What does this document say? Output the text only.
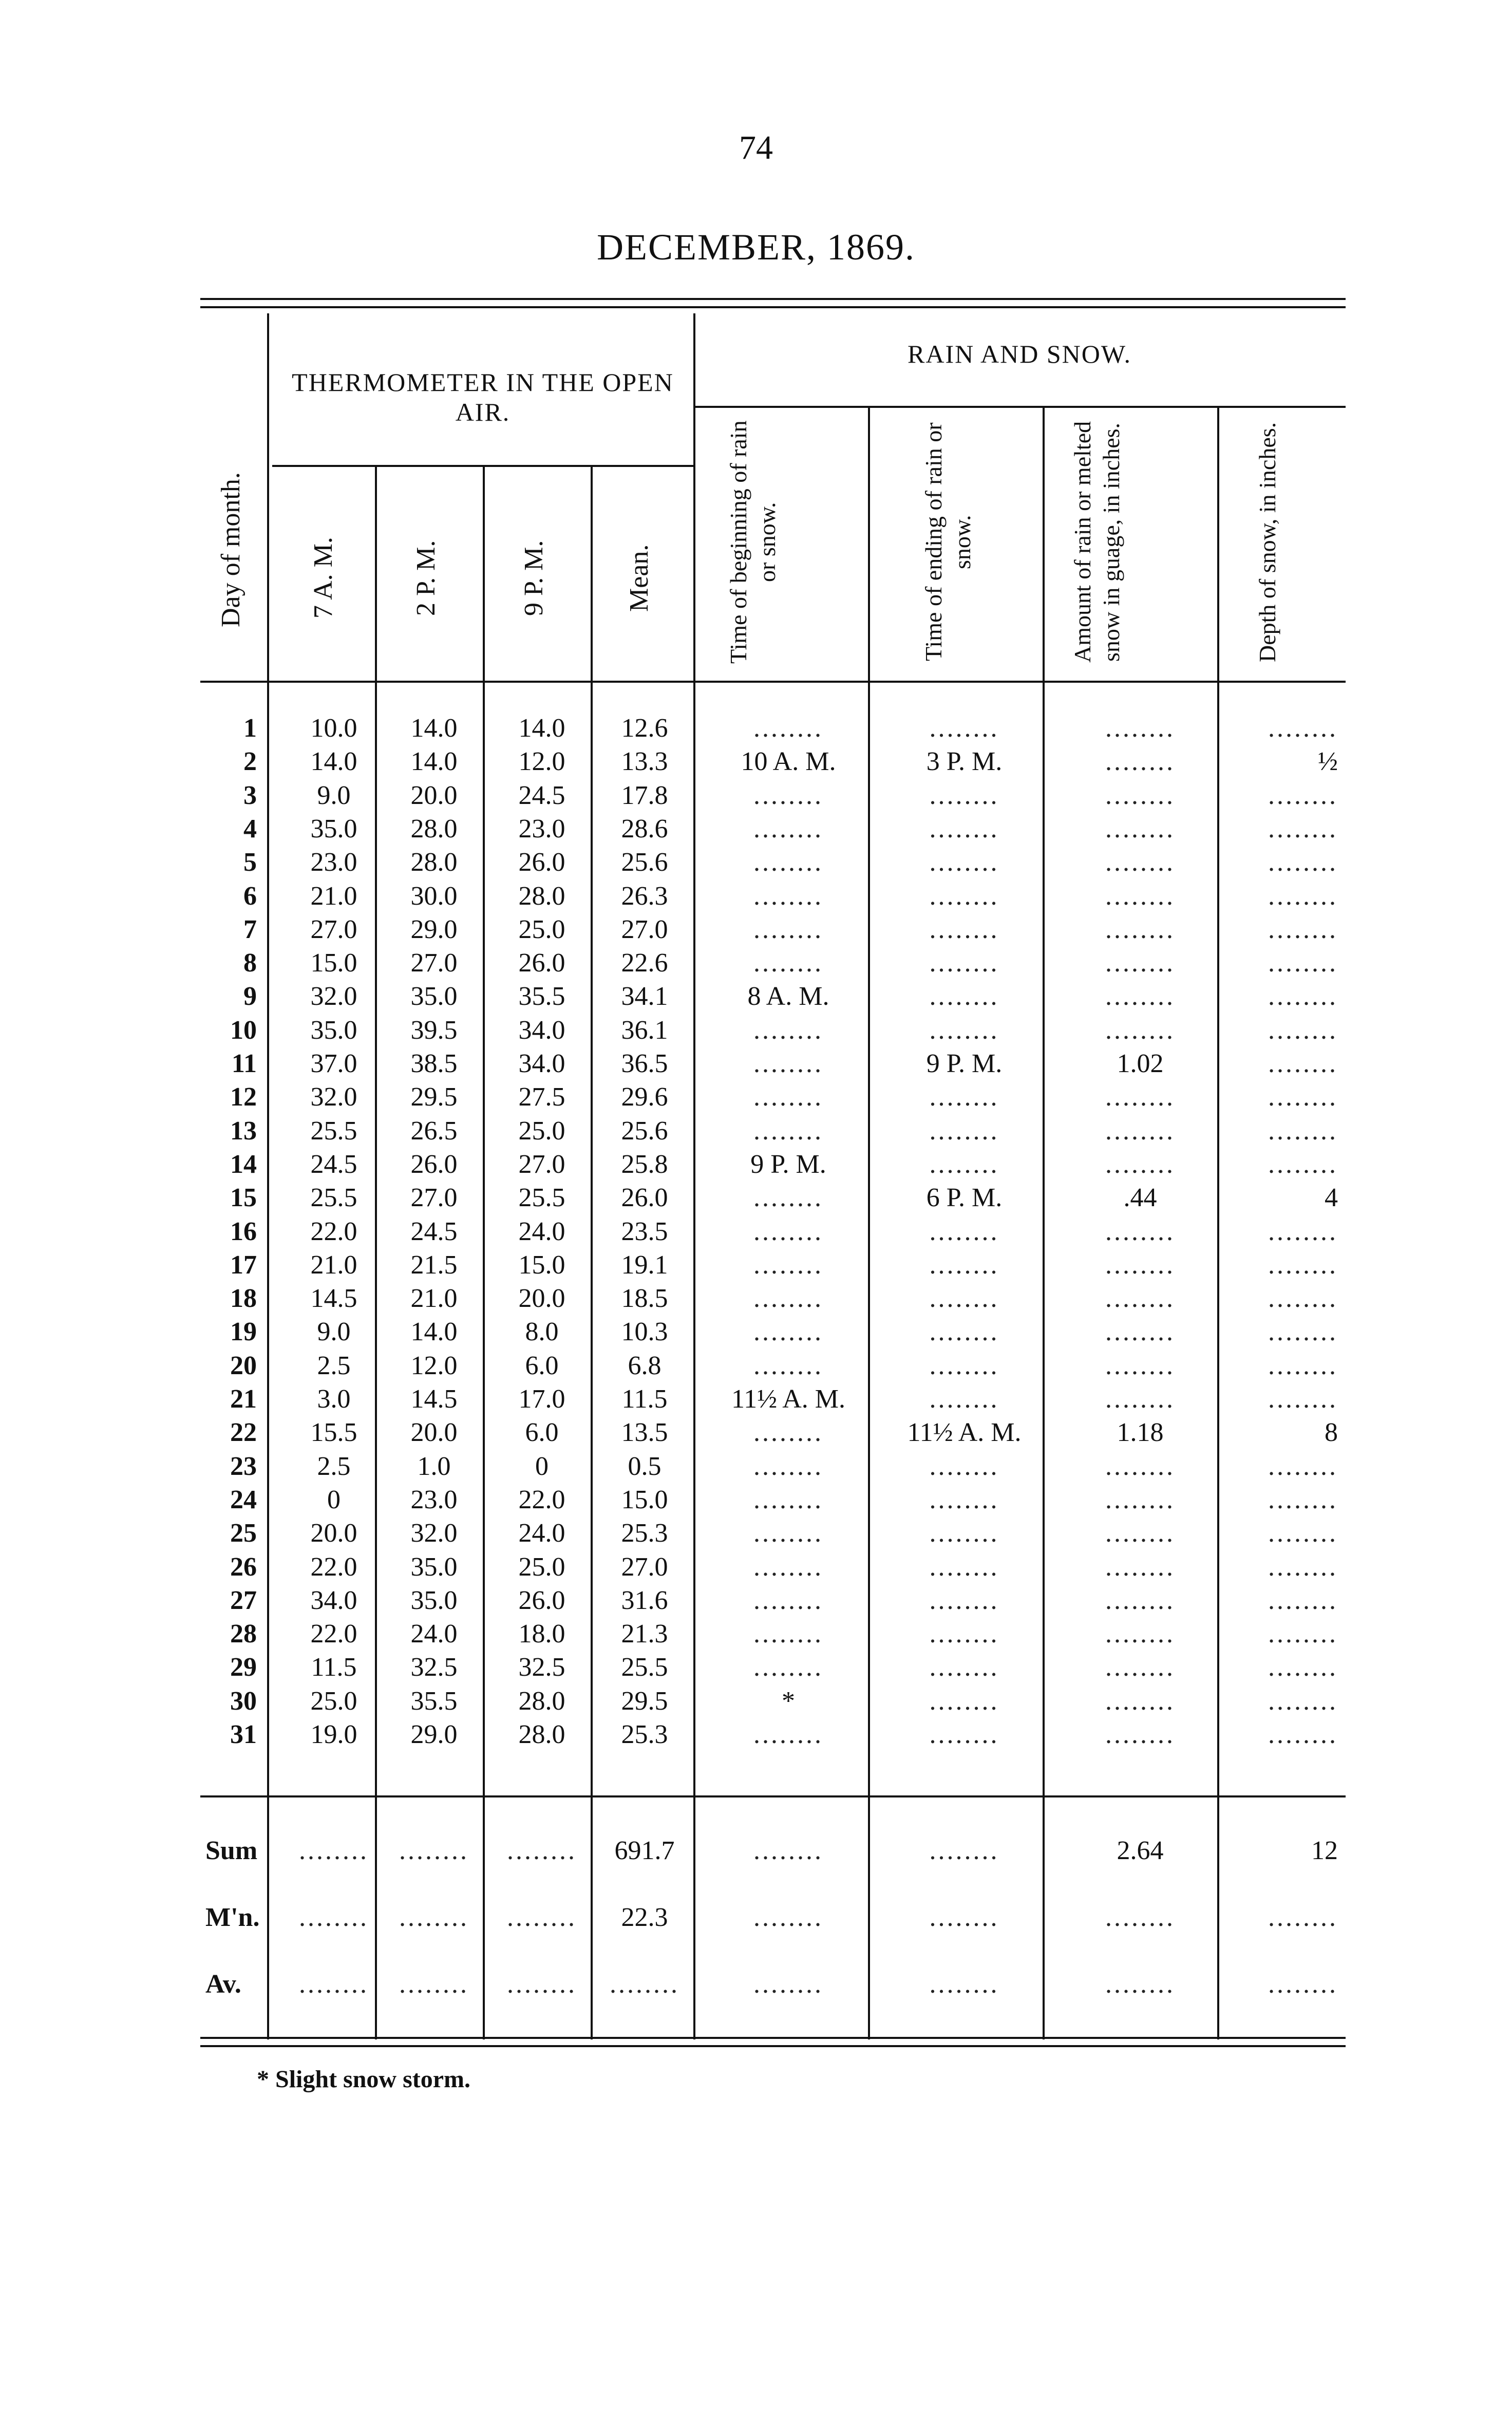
74
DECEMBER, 1869.
THERMOMETER IN THE OPEN AIR.
RAIN AND SNOW.
Day of month. 7 A. M.	2 P. M.	9 P. M.	Mean.	Time of beginning of rain or snow.	Time of ending of rain or snow.	Amount of rain or melted snow in guage, in inches.	Depth of snow, in inches.
1	10.0	14.0	14.0	12.6	........	........	........	........
2	14.0	14.0	12.0	13.3	10 A. M.	3 P. M.	........	½
3	9.0	20.0	24.5	17.8	........	........	........	........
4	35.0	28.0	23.0	28.6	........	........	........	........
5	23.0	28.0	26.0	25.6	........	........	........	........
6	21.0	30.0	28.0	26.3	........	........	........	........
7	27.0	29.0	25.0	27.0	........	........	........	........
8	15.0	27.0	26.0	22.6	........	........	........	........
9	32.0	35.0	35.5	34.1	8 A. M.	........	........	........
10	35.0	39.5	34.0	36.1	........	........	........	........
11	37.0	38.5	34.0	36.5	........	9 P. M.	1.02	........
12	32.0	29.5	27.5	29.6	........	........	........	........
13	25.5	26.5	25.0	25.6	........	........	........	........
14	24.5	26.0	27.0	25.8	9 P. M.	........	........	........
15	25.5	27.0	25.5	26.0	........	6 P. M.	.44	4
16	22.0	24.5	24.0	23.5	........	........	........	........
17	21.0	21.5	15.0	19.1	........	........	........	........
18	14.5	21.0	20.0	18.5	........	........	........	........
19	9.0	14.0	8.0	10.3	........	........	........	........
20	2.5	12.0	6.0	6.8	........	........	........	........
21	3.0	14.5	17.0	11.5	11½ A. M.	........	........	........
22	15.5	20.0	6.0	13.5	........	11½ A. M.	1.18	8
23	2.5	1.0	0	0.5	........	........	........	........
24	0	23.0	22.0	15.0	........	........	........	........
25	20.0	32.0	24.0	25.3	........	........	........	........
26	22.0	35.0	25.0	27.0	........	........	........	........
27	34.0	35.0	26.0	31.6	........	........	........	........
28	22.0	24.0	18.0	21.3	........	........	........	........
29	11.5	32.5	32.5	25.5	........	........	........	........
30	25.0	35.5	28.0	29.5	*	........	........	........
31	19.0	29.0	28.0	25.3	........	........	........	........
Sum	........	........	........	691.7	........	........	2.64	12
M'n.	........	........	........	22.3	........	........	........	........
Av.	........	........	........	........	........	........	........	........
* Slight snow storm.
